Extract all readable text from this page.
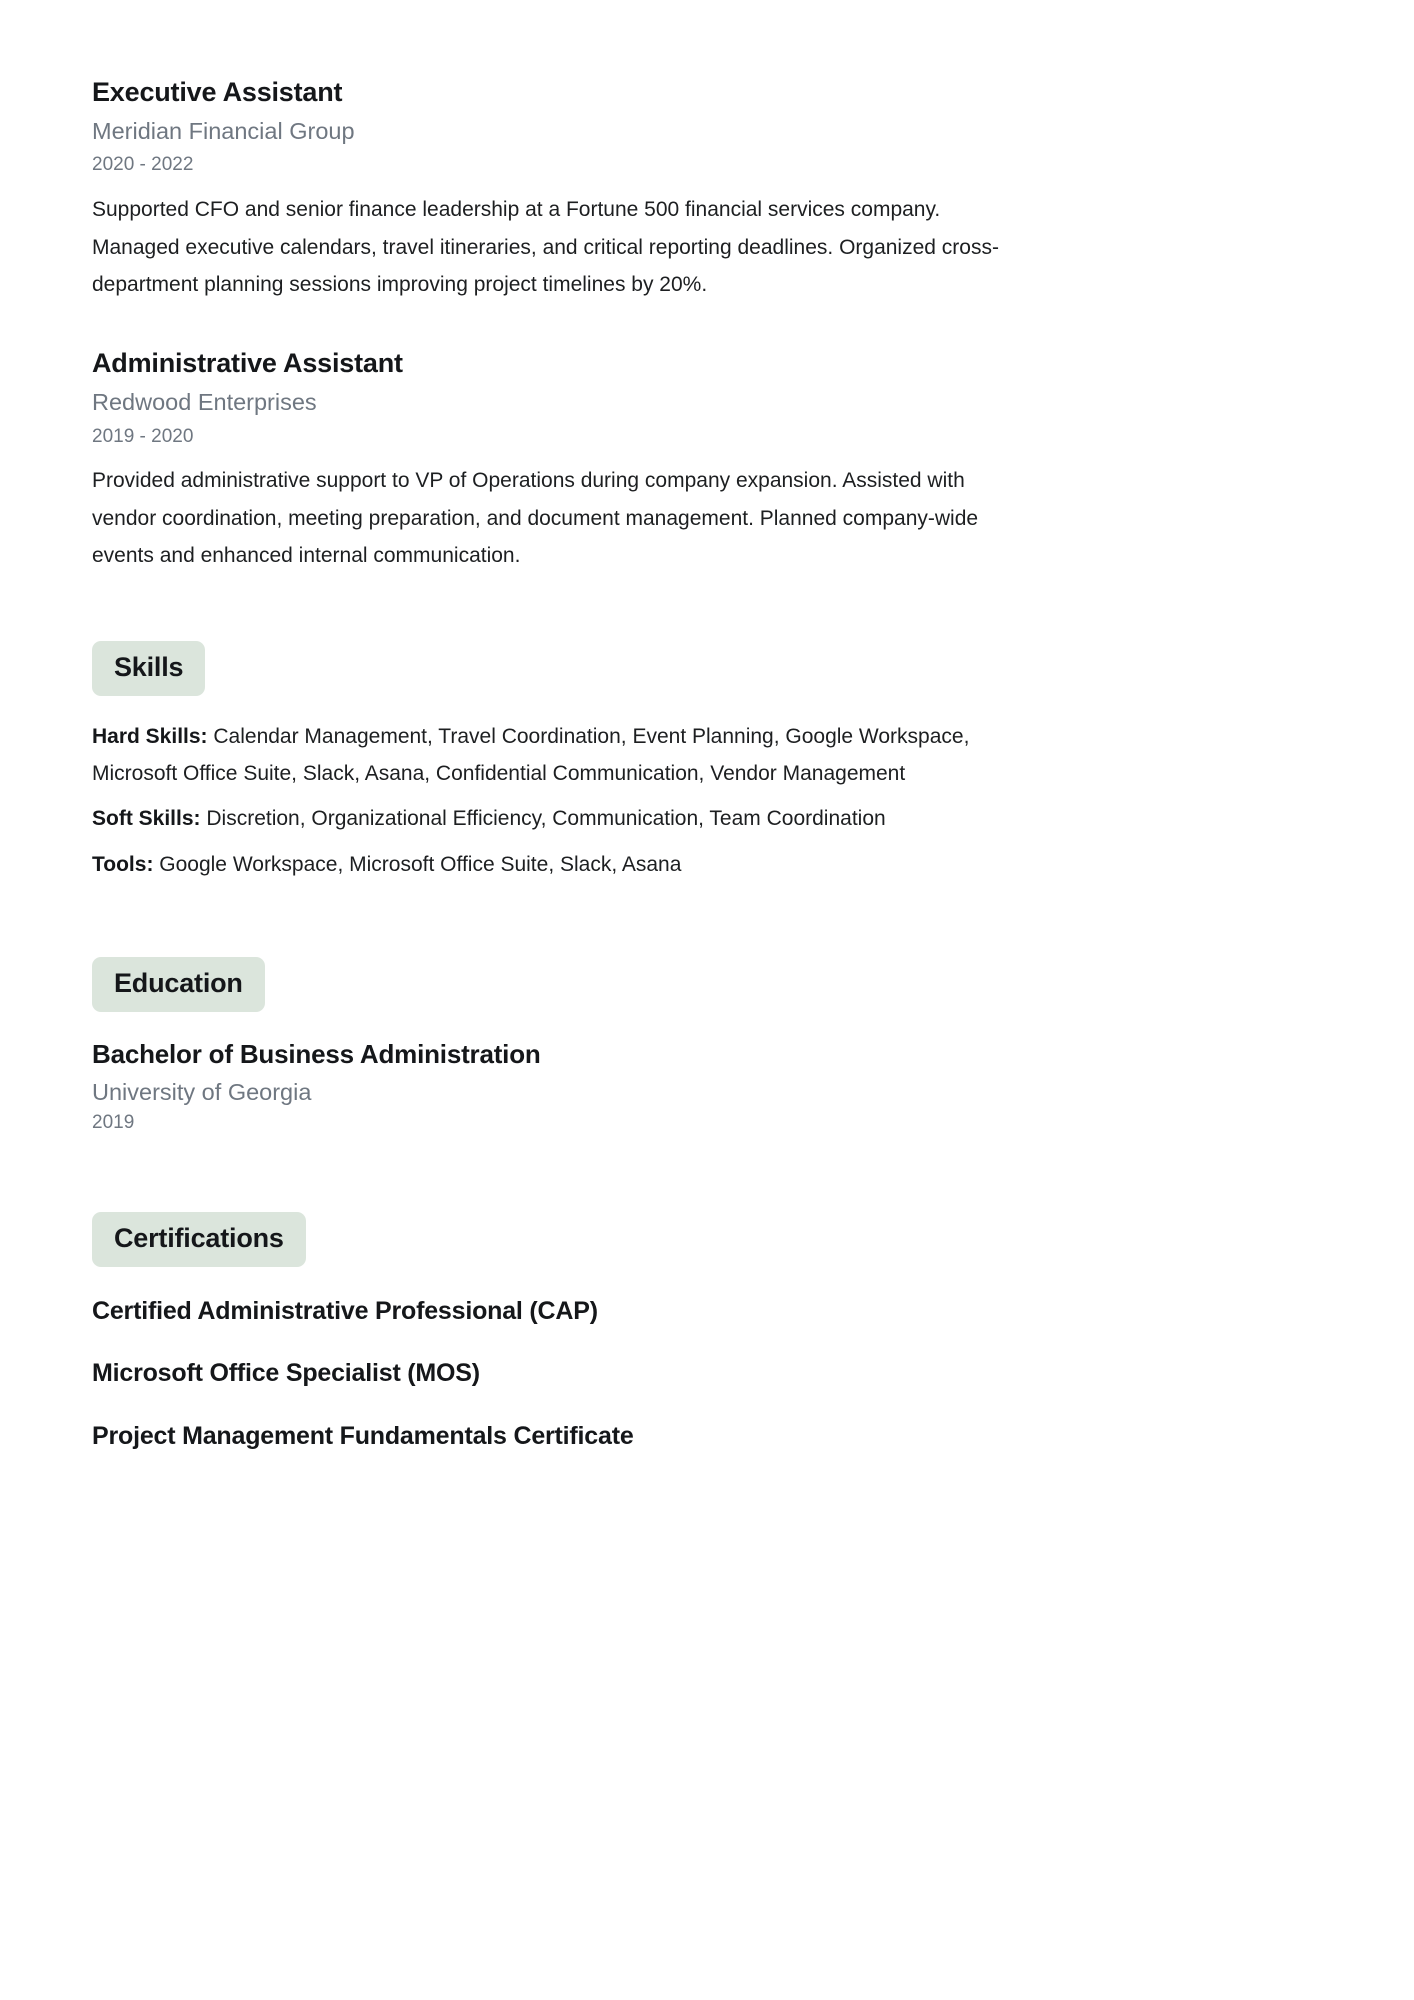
Executive Assistant
Meridian Financial Group
2020 - 2022

Supported CFO and senior finance leadership at a Fortune 500 financial services company. Managed executive calendars, travel itineraries, and critical reporting deadlines. Organized cross-department planning sessions improving project timelines by 20%.

Administrative Assistant
Redwood Enterprises
2019 - 2020

Provided administrative support to VP of Operations during company expansion. Assisted with vendor coordination, meeting preparation, and document management. Planned company-wide events and enhanced internal communication.

Skills

Hard Skills: Calendar Management, Travel Coordination, Event Planning, Google Workspace, Microsoft Office Suite, Slack, Asana, Confidential Communication, Vendor Management

Soft Skills: Discretion, Organizational Efficiency, Communication, Team Coordination

Tools: Google Workspace, Microsoft Office Suite, Slack, Asana

Education
Bachelor of Business Administration
University of Georgia
2019
Certifications
Certified Administrative Professional (CAP)
Microsoft Office Specialist (MOS)
Project Management Fundamentals Certificate
